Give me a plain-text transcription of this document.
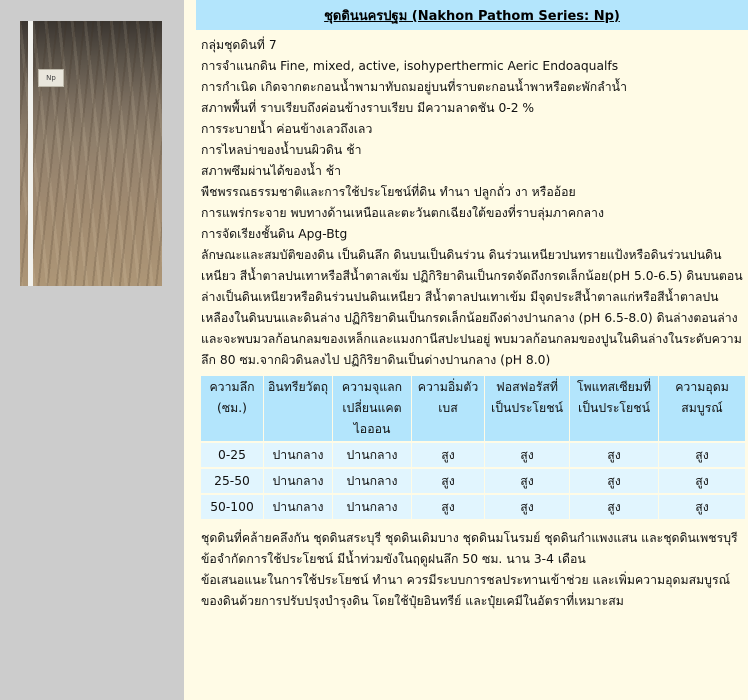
Np
ชุดดินนครปฐม (Nakhon Pathom Series: Np)

กลุ่มชุดดินที่ 7

การจำแนกดิน Fine, mixed, active, isohyperthermic Aeric Endoaqualfs

การกำเนิด เกิดจากตะกอนน้ำพามาทับถมอยู่บนที่ราบตะกอนน้ำพาหรือตะพักลำน้ำ

สภาพพื้นที่ ราบเรียบถึงค่อนข้างราบเรียบ มีความลาดชัน 0-2 %

การระบายน้ำ ค่อนข้างเลวถึงเลว

การไหลบ่าของน้ำบนผิวดิน ช้า

สภาพซึมผ่านได้ของน้ำ ช้า

พืชพรรณธรรมชาติและการใช้ประโยชน์ที่ดิน ทำนา ปลูกถั่ว งา หรืออ้อย

การแพร่กระจาย พบทางด้านเหนือและตะวันตกเฉียงใต้ของที่ราบลุ่มภาคกลาง

การจัดเรียงชั้นดิน Apg-Btg

ลักษณะและสมบัติของดิน เป็นดินลึก ดินบนเป็นดินร่วน ดินร่วนเหนียวปนทรายแป้งหรือดินร่วนปนดินเหนียว สีน้ำตาลปนเทาหรือสีน้ำตาลเข้ม ปฏิกิริยาดินเป็นกรดจัดถึงกรดเล็กน้อย(pH 5.0-6.5) ดินบนตอนล่างเป็นดินเหนียวหรือดินร่วนปนดินเหนียว สีน้ำตาลปนเทาเข้ม มีจุดประสีน้ำตาลแก่หรือสีน้ำตาลปนเหลืองในดินบนและดินล่าง ปฏิกิริยาดินเป็นกรดเล็กน้อยถึงด่างปานกลาง (pH 6.5-8.0) ดินล่างตอนล่าง และจะพบมวลก้อนกลมของเหล็กและแมงกานีสปะปนอยู่ พบมวลก้อนกลมของปูนในดินล่างในระดับความลึก 80 ซม.จากผิวดินลงไป ปฏิกิริยาดินเป็นด่างปานกลาง (pH 8.0)

ความลึก (ซม.)	อินทรียวัตถุ	ความจุแลกเปลี่ยนแคตไอออน	ความอิ่มตัวเบส	ฟอสฟอรัสที่เป็นประโยชน์	โพแทสเซียมที่เป็นประโยชน์	ความอุดมสมบูรณ์
0-25	ปานกลาง	ปานกลาง	สูง	สูง	สูง	สูง
25-50	ปานกลาง	ปานกลาง	สูง	สูง	สูง	สูง
50-100	ปานกลาง	ปานกลาง	สูง	สูง	สูง	สูง

ชุดดินที่คล้ายคลึงกัน ชุดดินสระบุรี ชุดดินเดิมบาง ชุดดินมโนรมย์ ชุดดินกำแพงแสน และชุดดินเพชรบุรี

ข้อจำกัดการใช้ประโยชน์ มีน้ำท่วมขังในฤดูฝนลึก 50 ซม. นาน 3-4 เดือน

ข้อเสนอแนะในการใช้ประโยชน์ ทำนา ควรมีระบบการชลประทานเข้าช่วย และเพิ่มความอุดมสมบูรณ์ของดินด้วยการปรับปรุงบำรุงดิน โดยใช้ปุ๋ยอินทรีย์ และปุ๋ยเคมีในอัตราที่เหมาะสม
